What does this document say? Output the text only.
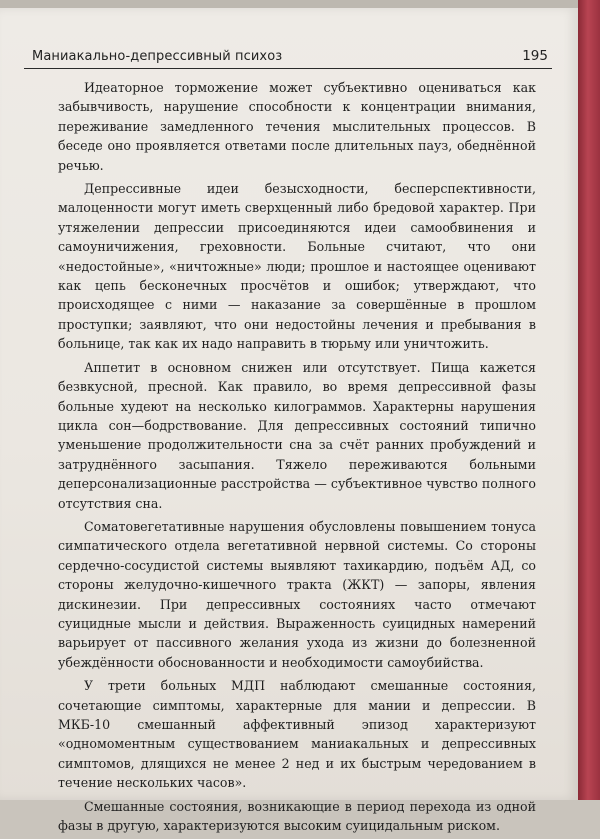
Маниакально-депрессивный психоз	195

Идеаторное торможение может субъективно оцениваться как забывчивость, нарушение способности к концентрации внимания, переживание замедленного течения мыслительных процессов. В беседе оно проявляется ответами после длительных пауз, обеднённой речью.

Депрессивные идеи безысходности, бесперспективности, малоценности могут иметь сверхценный либо бредовой характер. При утяжелении депрессии присоединяются идеи самообвинения и самоуничижения, греховности. Больные считают, что они «недостойные», «ничтожные» люди; прошлое и настоящее оценивают как цепь бесконечных просчётов и ошибок; утверждают, что происходящее с ними — наказание за совершённые в прошлом проступки; заявляют, что они недостойны лечения и пребывания в больнице, так как их надо направить в тюрьму или уничтожить.

Аппетит в основном снижен или отсутствует. Пища кажется безвкусной, пресной. Как правило, во время депрессивной фазы больные худеют на несколько килограммов. Характерны нарушения цикла сон—бодрствование. Для депрессивных состояний типично уменьшение продолжительности сна за счёт ранних пробуждений и затруднённого засыпания. Тяжело переживаются больными деперсонализационные расстройства — субъективное чувство полного отсутствия сна.

Соматовегетативные нарушения обусловлены повышением тонуса симпатического отдела вегетативной нервной системы. Со стороны сердечно-сосудистой системы выявляют тахикардию, подъём АД, со стороны желудочно-кишечного тракта (ЖКТ) — запоры, явления дискинезии. При депрессивных состояниях часто отмечают суицидные мысли и действия. Выраженность суицидных намерений варьирует от пассивного желания ухода из жизни до болезненной убеждённости обоснованности и необходимости самоубийства.

У трети больных МДП наблюдают смешанные состояния, сочетающие симптомы, характерные для мании и депрессии. В МКБ-10 смешанный аффективный эпизод характеризуют «одномоментным существованием маниакальных и депрессивных симптомов, длящихся не менее 2 нед и их быстрым чередованием в течение нескольких часов».

Смешанные состояния, возникающие в период перехода из одной фазы в другую, характеризуются высоким суицидальным риском.
